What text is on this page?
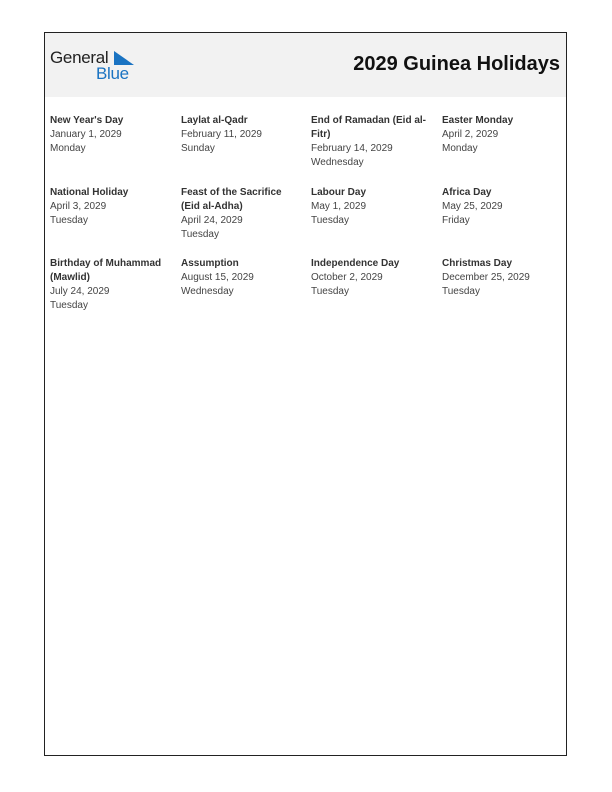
General
Blue	2029 Guinea Holidays
New Year's Day
January 1, 2029
Monday
Laylat al-Qadr
February 11, 2029
Sunday
End of Ramadan (Eid al-Fitr)
February 14, 2029
Wednesday
Easter Monday
April 2, 2029
Monday
National Holiday
April 3, 2029
Tuesday
Feast of the Sacrifice (Eid al-Adha)
April 24, 2029
Tuesday
Labour Day
May 1, 2029
Tuesday
Africa Day
May 25, 2029
Friday
Birthday of Muhammad (Mawlid)
July 24, 2029
Tuesday
Assumption
August 15, 2029
Wednesday
Independence Day
October 2, 2029
Tuesday
Christmas Day
December 25, 2029
Tuesday
